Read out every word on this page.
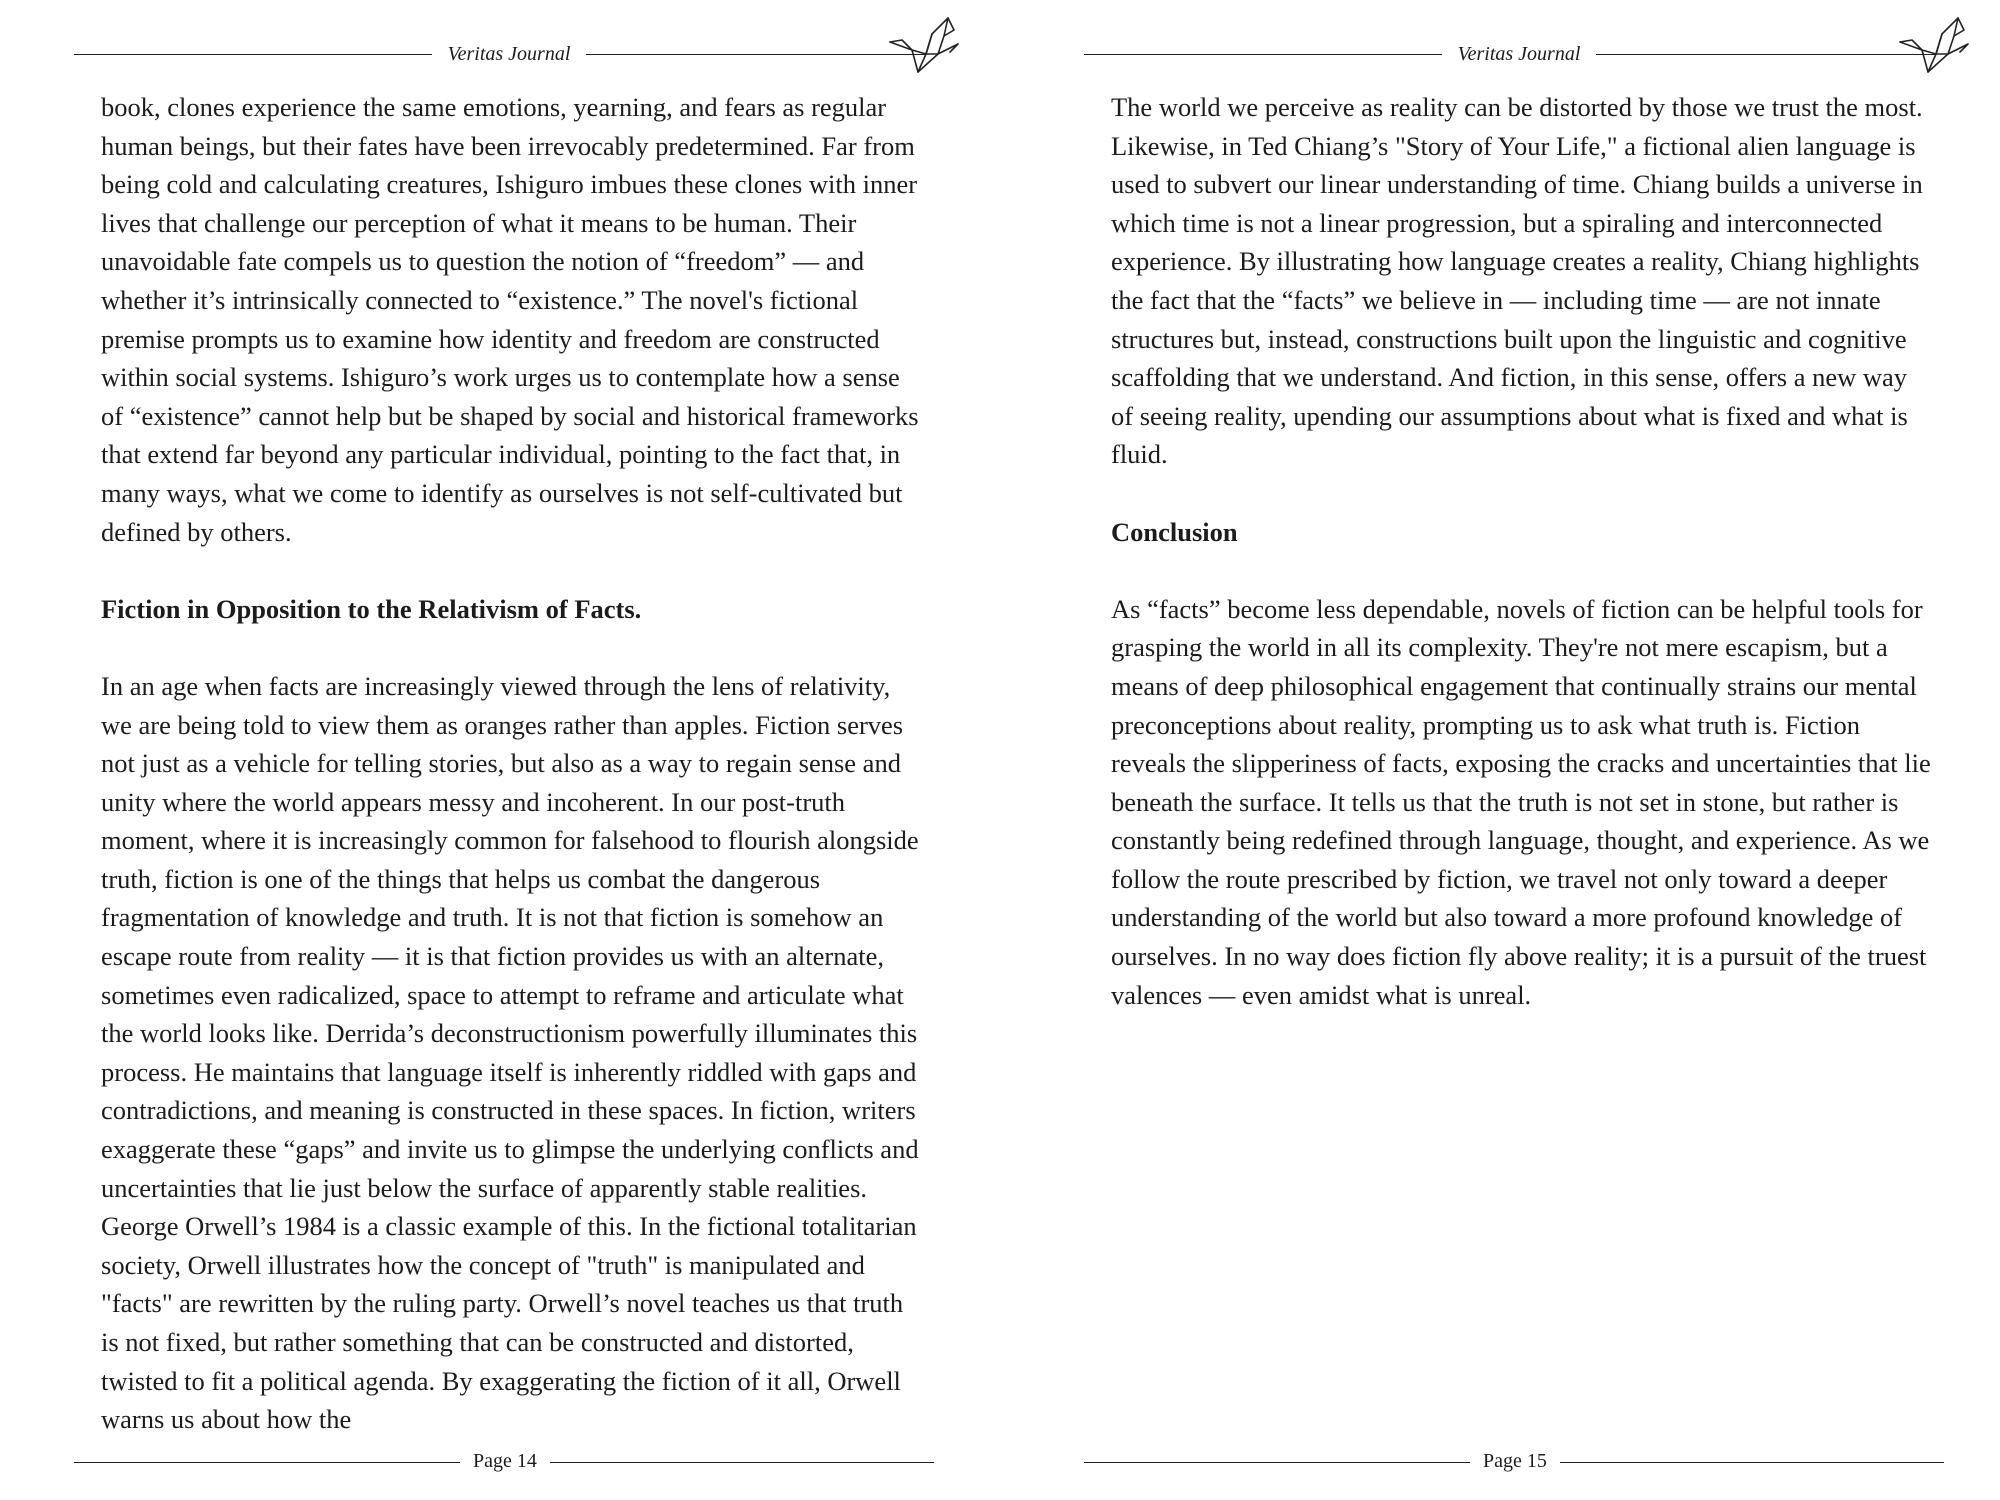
Veritas Journal

book, clones experience the same emotions, yearning, and fears as regular human beings, but their fates have been irrevocably predetermined. Far from being cold and calculating creatures, Ishiguro imbues these clones with inner lives that challenge our perception of what it means to be human. Their unavoidable fate compels us to question the notion of “freedom” — and whether it’s intrinsically connected to “existence.” The novel's fictional premise prompts us to examine how identity and freedom are constructed within social systems. Ishiguro’s work urges us to contemplate how a sense of “existence” cannot help but be shaped by social and historical frameworks that extend far beyond any particular individual, pointing to the fact that, in many ways, what we come to identify as ourselves is not self-cultivated but defined by others.

Fiction in Opposition to the Relativism of Facts.

In an age when facts are increasingly viewed through the lens of relativity, we are being told to view them as oranges rather than apples. Fiction serves not just as a vehicle for telling stories, but also as a way to regain sense and unity where the world appears messy and incoherent. In our post-truth moment, where it is increasingly common for falsehood to flourish alongside truth, fiction is one of the things that helps us combat the dangerous fragmentation of knowledge and truth. It is not that fiction is somehow an escape route from reality — it is that fiction provides us with an alternate, sometimes even radicalized, space to attempt to reframe and articulate what the world looks like. Derrida’s deconstructionism powerfully illuminates this process. He maintains that language itself is inherently riddled with gaps and contradictions, and meaning is constructed in these spaces. In fiction, writers exaggerate these “gaps” and invite us to glimpse the underlying conflicts and uncertainties that lie just below the surface of apparently stable realities. George Orwell’s 1984 is a classic example of this. In the fictional totalitarian society, Orwell illustrates how the concept of "truth" is manipulated and "facts" are rewritten by the ruling party. Orwell’s novel teaches us that truth is not fixed, but rather something that can be constructed and distorted, twisted to fit a political agenda. By exaggerating the fiction of it all, Orwell warns us about how the

Page 14
Veritas Journal

The world we perceive as reality can be distorted by those we trust the most. Likewise, in Ted Chiang’s "Story of Your Life," a fictional alien language is used to subvert our linear understanding of time. Chiang builds a universe in which time is not a linear progression, but a spiraling and interconnected experience. By illustrating how language creates a reality, Chiang highlights the fact that the “facts” we believe in — including time — are not innate structures but, instead, constructions built upon the linguistic and cognitive scaffolding that we understand. And fiction, in this sense, offers a new way of seeing reality, upending our assumptions about what is fixed and what is fluid.

Conclusion

As “facts” become less dependable, novels of fiction can be helpful tools for grasping the world in all its complexity. They're not mere escapism, but a means of deep philosophical engagement that continually strains our mental preconceptions about reality, prompting us to ask what truth is. Fiction reveals the slipperiness of facts, exposing the cracks and uncertainties that lie beneath the surface. It tells us that the truth is not set in stone, but rather is constantly being redefined through language, thought, and experience. As we follow the route prescribed by fiction, we travel not only toward a deeper understanding of the world but also toward a more profound knowledge of ourselves. In no way does fiction fly above reality; it is a pursuit of the truest valences — even amidst what is unreal.

Page 15
